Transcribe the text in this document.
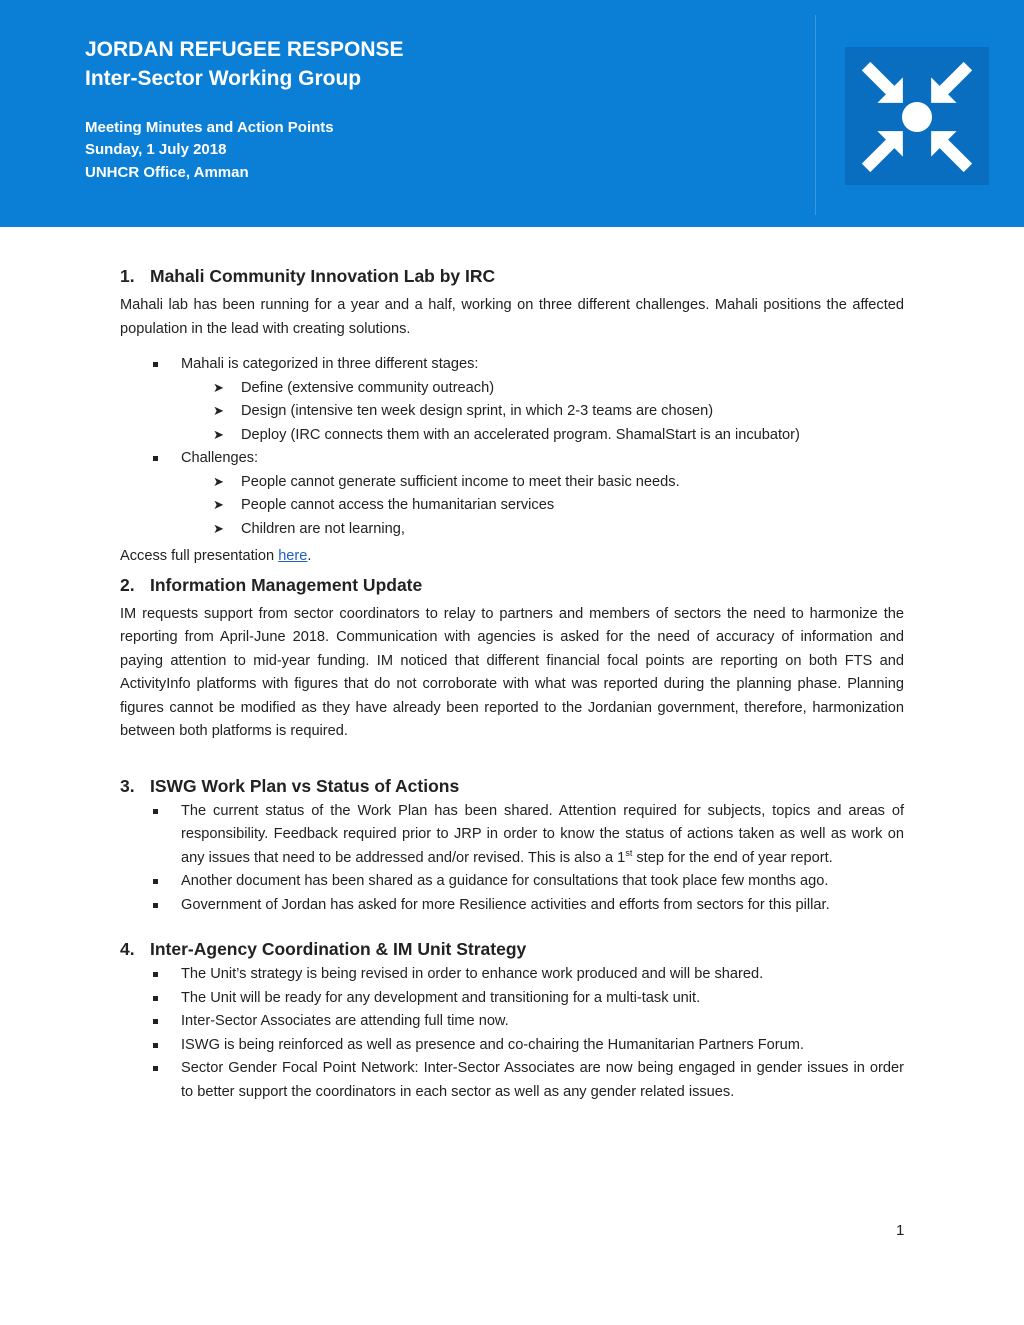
JORDAN REFUGEE RESPONSE
Inter-Sector Working Group
Meeting Minutes and Action Points
Sunday, 1 July 2018
UNHCR Office, Amman
1. Mahali Community Innovation Lab by IRC

Mahali lab has been running for a year and a half, working on three different challenges. Mahali positions the affected population in the lead with creating solutions.

Mahali is categorized in three different stages:
➤ Define (extensive community outreach)
➤ Design (intensive ten week design sprint, in which 2-3 teams are chosen)
➤ Deploy (IRC connects them with an accelerated program. ShamalStart is an incubator)
Challenges:
➤ People cannot generate sufficient income to meet their basic needs.
➤ People cannot access the humanitarian services
➤ Children are not learning,

Access full presentation here.

2. Information Management Update

IM requests support from sector coordinators to relay to partners and members of sectors the need to harmonize the reporting from April-June 2018. Communication with agencies is asked for the need of accuracy of information and paying attention to mid-year funding. IM noticed that different financial focal points are reporting on both FTS and ActivityInfo platforms with figures that do not corroborate with what was reported during the planning phase. Planning figures cannot be modified as they have already been reported to the Jordanian government, therefore, harmonization between both platforms is required.

3. ISWG Work Plan vs Status of Actions
The current status of the Work Plan has been shared. Attention required for subjects, topics and areas of responsibility. Feedback required prior to JRP in order to know the status of actions taken as well as work on any issues that need to be addressed and/or revised. This is also a 1st step for the end of year report.
Another document has been shared as a guidance for consultations that took place few months ago.
Government of Jordan has asked for more Resilience activities and efforts from sectors for this pillar.
4. Inter-Agency Coordination & IM Unit Strategy
The Unit’s strategy is being revised in order to enhance work produced and will be shared.
The Unit will be ready for any development and transitioning for a multi-task unit.
Inter-Sector Associates are attending full time now.
ISWG is being reinforced as well as presence and co-chairing the Humanitarian Partners Forum.
Sector Gender Focal Point Network: Inter-Sector Associates are now being engaged in gender issues in order to better support the coordinators in each sector as well as any gender related issues.
1
